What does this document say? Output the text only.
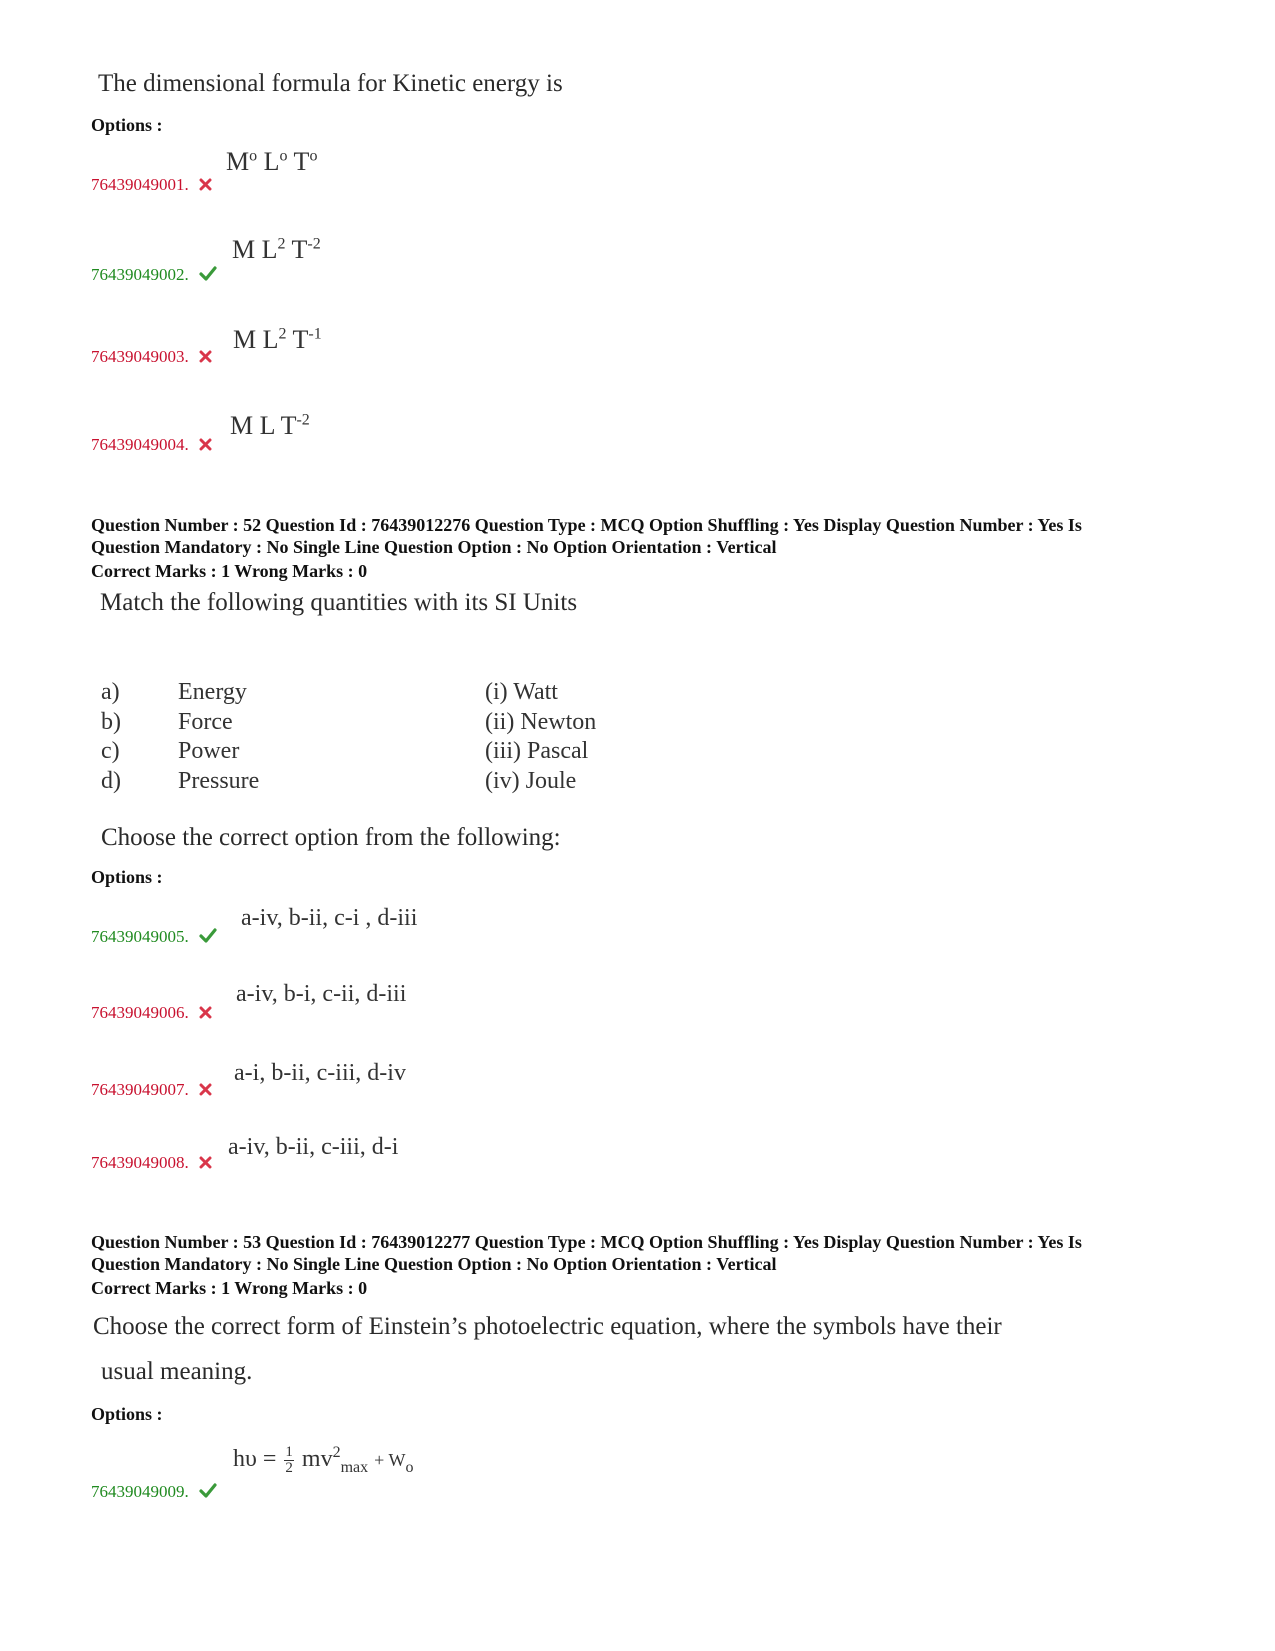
The dimensional formula for Kinetic energy is
Options :
$M^o$ $L^o$ $T^o$
76439049001.
M $L^2$ $T^{-2}$
76439049002.
M $L^2$ $T^{-1}$
76439049003.
M L $T^{-2}$
76439049004.
Question Number : 52 Question Id : 76439012276 Question Type : MCQ Option Shuffling : Yes Display Question Number : Yes Is
Question Mandatory : No Single Line Question Option : No Option Orientation : Vertical
Correct Marks : 1 Wrong Marks : 0
Match the following quantities with its SI Units
a)
b)
c)
d)
Energy
Force
Power
Pressure
(i) Watt
(ii) Newton
(iii) Pascal
(iv) Joule
Choose the correct option from the following:
Options :
a-iv, b-ii, c-i , d-iii
76439049005.
a-iv, b-i, c-ii, d-iii
76439049006.
a-i, b-ii, c-iii, d-iv
76439049007.
a-iv, b-ii, c-iii, d-i
76439049008.
Question Number : 53 Question Id : 76439012277 Question Type : MCQ Option Shuffling : Yes Display Question Number : Yes Is
Question Mandatory : No Single Line Question Option : No Option Orientation : Vertical
Correct Marks : 1 Wrong Marks : 0
Choose the correct form of Einstein’s photoelectric equation, where the symbols have their
usual meaning.
Options :
$h\upsilon = \frac{1}{2} mv^2_{max} + W_o$
76439049009.
